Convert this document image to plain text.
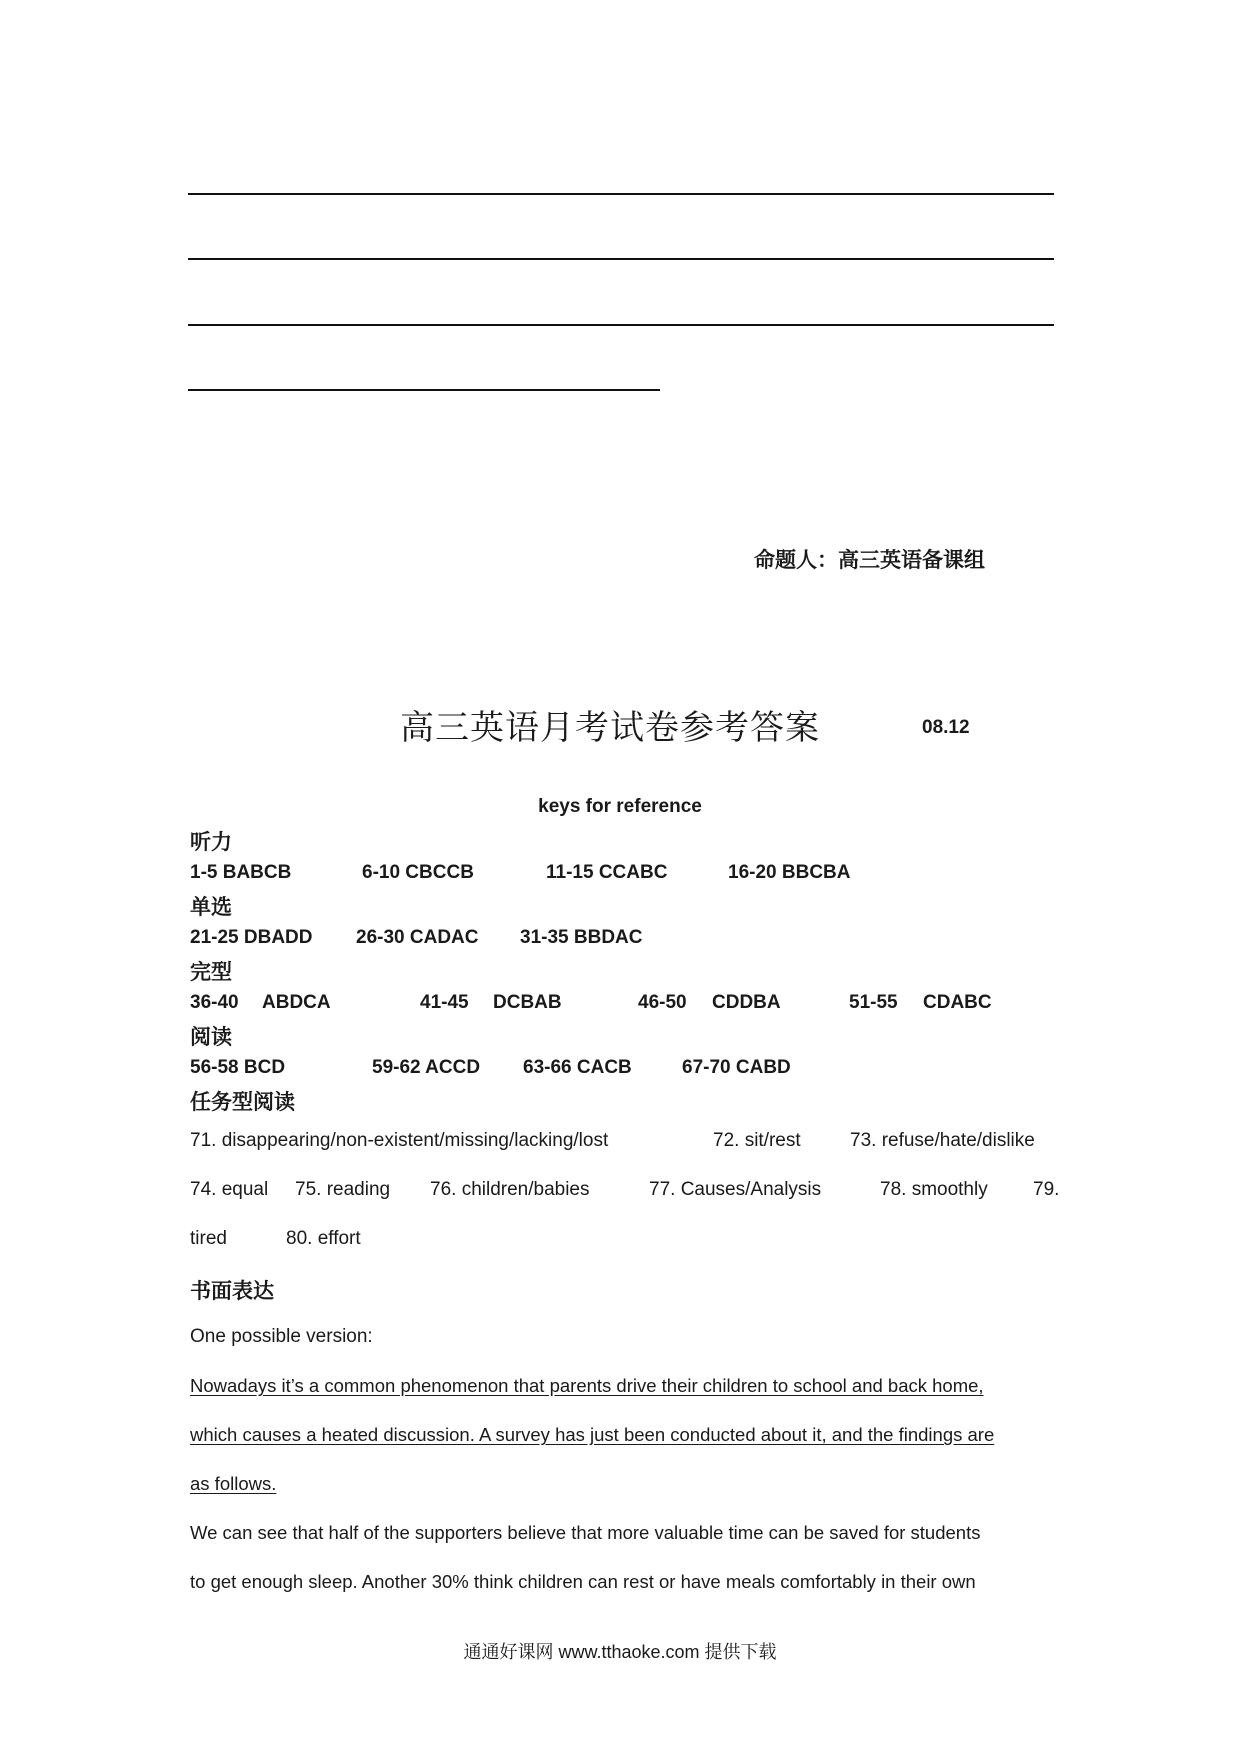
命题人：高三英语备课组
高三英语月考试卷参考答案	08.12
keys for reference
听力
1-5 BABCB	6-10 CBCCB	11-15 CCABC	16-20 BBCBA
单选
21-25 DBADD 26-30 CADAC 31-35 BBDAC
完型
36-40 ABDCA	41-45 DCBAB	46-50 CDDBA	51-55 CDABC
阅读
56-58 BCD	59-62 ACCD 63-66 CACB	67-70 CABD
任务型阅读
71. disappearing/non-existent/missing/lacking/lost	72. sit/rest	73. refuse/hate/dislike
74. equal 75. reading 76. children/babies	77. Causes/Analysis	78. smoothly 79.
tired	80. effort
书面表达
One possible version:
Nowadays it’s a common phenomenon that parents drive their children to school and back home,
which causes a heated discussion. A survey has just been conducted about it, and the findings are
as follows.
We can see that half of the supporters believe that more valuable time can be saved for students
to get enough sleep. Another 30% think children can rest or have meals comfortably in their own
通通好课网 www.tthaoke.com 提供下载
